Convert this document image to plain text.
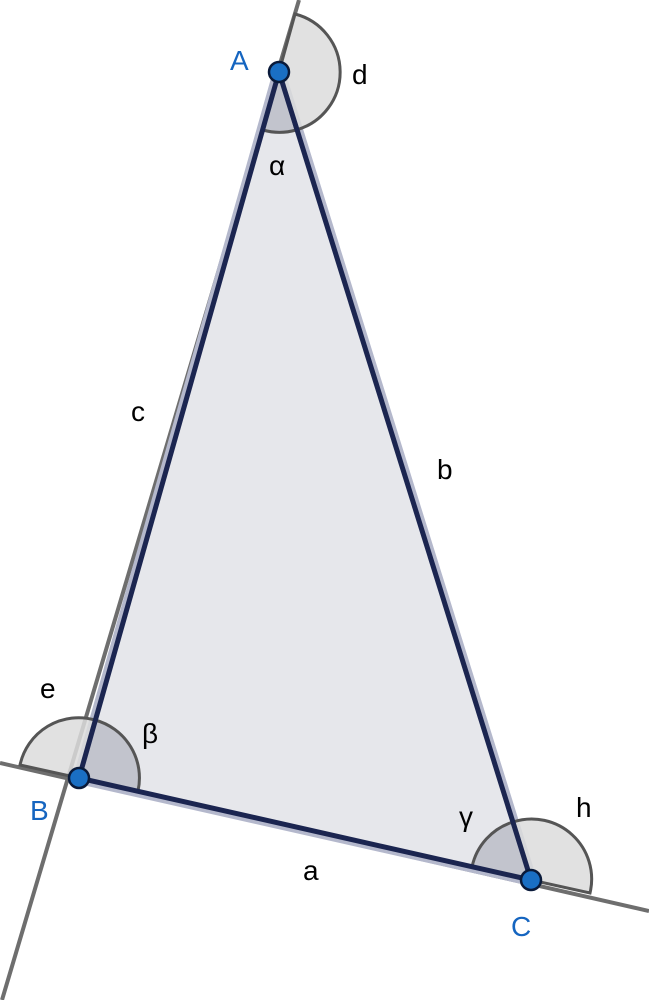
A
B
C
c
b
a
α
β
γ
d
e
h
